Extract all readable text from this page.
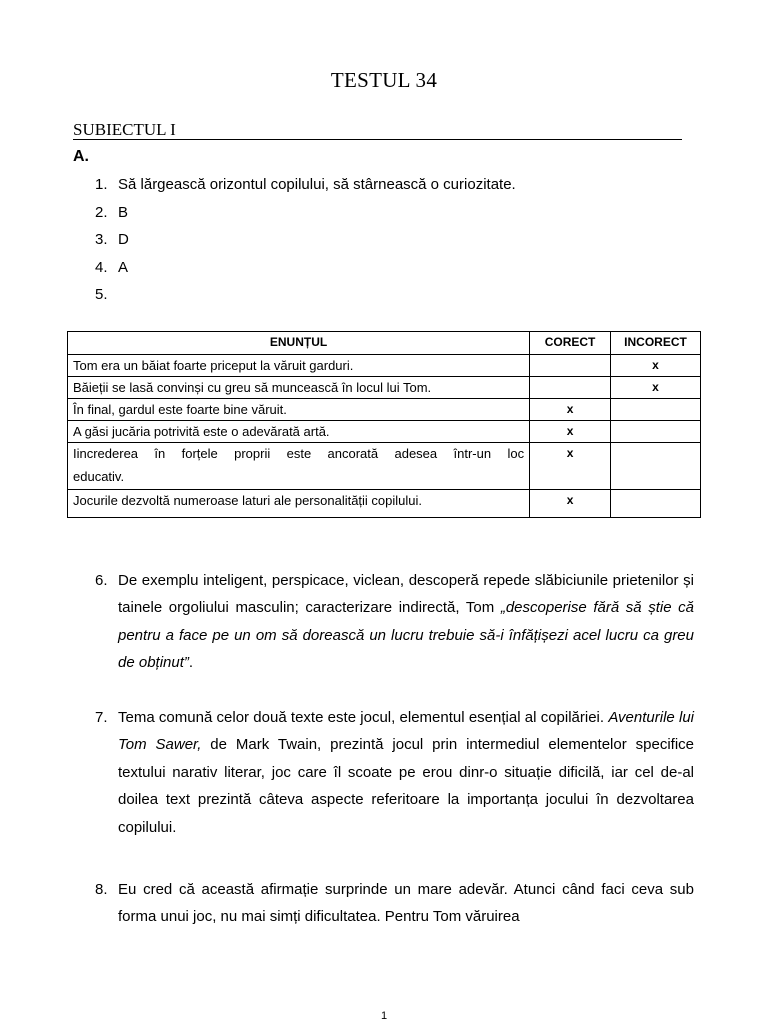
TESTUL 34
SUBIECTUL I
A.
1. Să lărgească orizontul copilului, să stârnească o curiozitate.
2. B
3. D
4. A
5.
ENUNȚUL	CORECT	INCORECT
Tom era un băiat foarte priceput la văruit garduri.		x
Băieții se lasă convinși cu greu să muncească în locul lui Tom.		x
În final, gardul este foarte bine văruit.	x	
A găsi jucăria potrivită este o adevărată artă.	x	

Iincrederea în forțele proprii este ancorată adesea într-un loc
educativ.	x	
Jocurile dezvoltă numeroase laturi ale personalității copilului.	x	
6. De exemplu inteligent, perspicace, viclean, descoperă repede slăbiciunile prietenilor și tainele orgoliului masculin; caracterizare indirectă, Tom „descoperise fără să știe că pentru a face pe un om să dorească un lucru trebuie să-i înfățișezi acel lucru ca greu de obținut”.
7. Tema comună celor două texte este jocul, elementul esențial al copilăriei. Aventurile lui Tom Sawer, de Mark Twain, prezintă jocul prin intermediul elementelor specifice textului narativ literar, joc care îl scoate pe erou dinr-o situație dificilă, iar cel de-al doilea text prezintă câteva aspecte referitoare la importanța jocului în dezvoltarea copilului.
8. Eu cred că această afirmație surprinde un mare adevăr. Atunci când faci ceva sub forma unui joc, nu mai simți dificultatea. Pentru Tom văruirea
1
